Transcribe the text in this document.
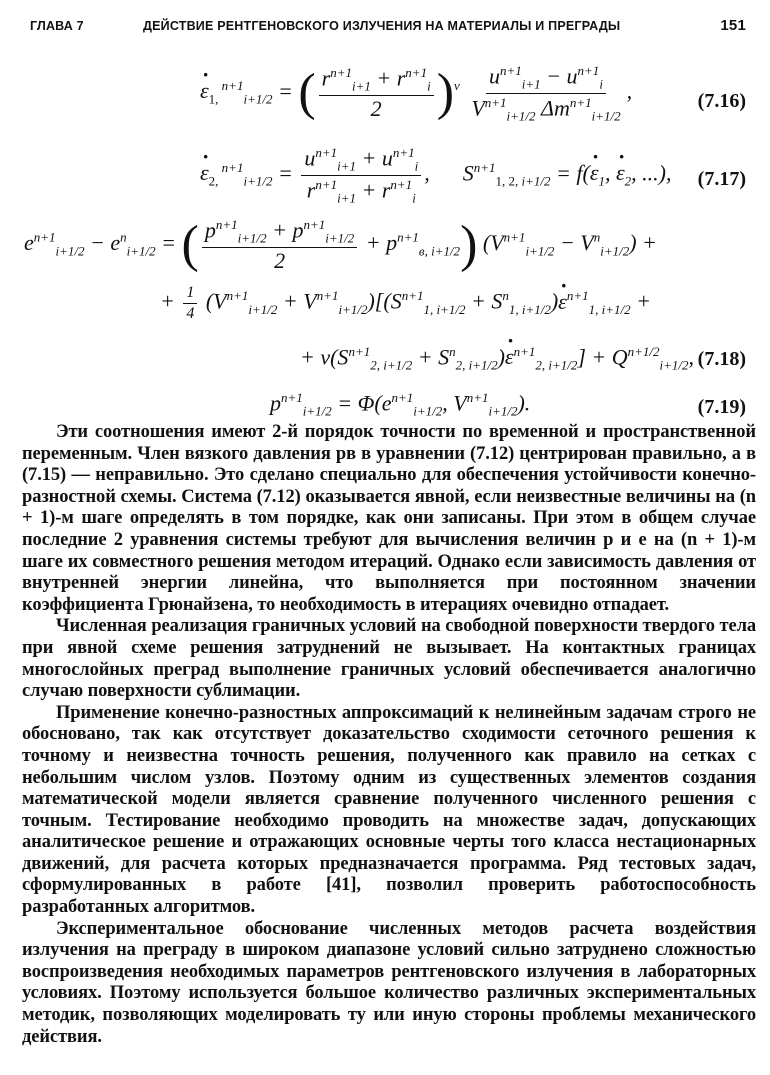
ГЛАВА 7	ДЕЙСТВИЕ РЕНТГЕНОВСКОГО ИЗЛУЧЕНИЯ НА МАТЕРИАЛЫ И ПРЕГРАДЫ	151
· $\varepsilon_{1,}$ $^{n+1}_{i+1/2}$ = ( $\frac{r^{n+1}_{i+1} + r^{n+1}_i}{2} )^\nu \frac{u^{n+1}_{i+1} - u^{n+1}_i}{V^{n+1}_{i+1/2} \Delta m^{n+1}_{i+1/2}}$ ,	(7.16)
· $\varepsilon_{2,}$ $^{n+1}_{i+1/2} = \frac{u^{n+1}_{i+1} + u^{n+1}_i}{r^{n+1}_{i+1} + r^{n+1}_i}$ ,      $S^{n+1}_{1, 2,}$ $_{i+1/2} = f(\cdot \varepsilon_1$, · $\varepsilon_2$, ...), (7.17)
$e^{n+1}_{i+1/2} - e^n_{i+1/2}$ = ( $\frac{p^{n+1}_{i+1/2} + p^{n+1}_{i+1/2}}{2} + p^{n+1}_{в, i+1/2}$) $(V^{n+1}_{i+1/2} - V^n_{i+1/2})$ +
+ $\frac{1}{4} (V^{n+1}_{i+1/2} + V^{n+1}_{i+1/2})[(S^{n+1}_{1, i+1/2} + S^n_{1, i+1/2})\cdot \varepsilon^{n+1}_{1, i+1/2}$ +
+ $\nu(S^{n+1}_{2, i+1/2} + S^n_{2, i+1/2})\cdot \varepsilon^{n+1}_{2, i+1/2}] + Q^{n+1/2}_{i+1/2}$, (7.18)
$p^{n+1}_{i+1/2} = \Phi(e^{n+1}_{i+1/2}$, $V^{n+1}_{i+1/2}$).	(7.19)

Эти соотношения имеют 2-й порядок точности по временной и пространственной переменным. Член вязкого давления pв в уравнении (7.12) центрирован правильно, а в (7.15) — неправильно. Это сделано специально для обеспечения устойчивости конечно-разностной схемы. Система (7.12) оказывается явной, если неизвестные величины на (n + 1)-м шаге определять в том порядке, как они записаны. При этом в общем случае последние 2 уравнения системы требуют для вычисления величин p и e на (n + 1)-м шаге их совместного решения методом итераций. Однако если зависимость давления от внутренней энергии линейна, что выполняется при постоянном значении коэффициента Грюнайзена, то необходимость в итерациях очевидно отпадает.

Численная реализация граничных условий на свободной поверхности твердого тела при явной схеме решения затруднений не вызывает. На контактных границах многослойных преград выполнение граничных условий обеспечивается аналогично случаю поверхности сублимации.

Применение конечно-разностных аппроксимаций к нелинейным задачам строго не обосновано, так как отсутствует доказательство сходимости сеточного решения к точному и неизвестна точность решения, полученного как правило на сетках с небольшим числом узлов. Поэтому одним из существенных элементов создания математической модели является сравнение полученного численного решения с точным. Тестирование необходимо проводить на множестве задач, допускающих аналитическое решение и отражающих основные черты того класса нестационарных движений, для расчета которых предназначается программа. Ряд тестовых задач, сформулированных в работе [41], позволил проверить работоспособность разработанных алгоритмов.

Экспериментальное обоснование численных методов расчета воздействия излучения на преграду в широком диапазоне условий сильно затруднено сложностью воспроизведения необходимых параметров рентгеновского излучения в лабораторных условиях. Поэтому используется большое количество различных экспериментальных методик, позволяющих моделировать ту или иную стороны проблемы механического действия.
